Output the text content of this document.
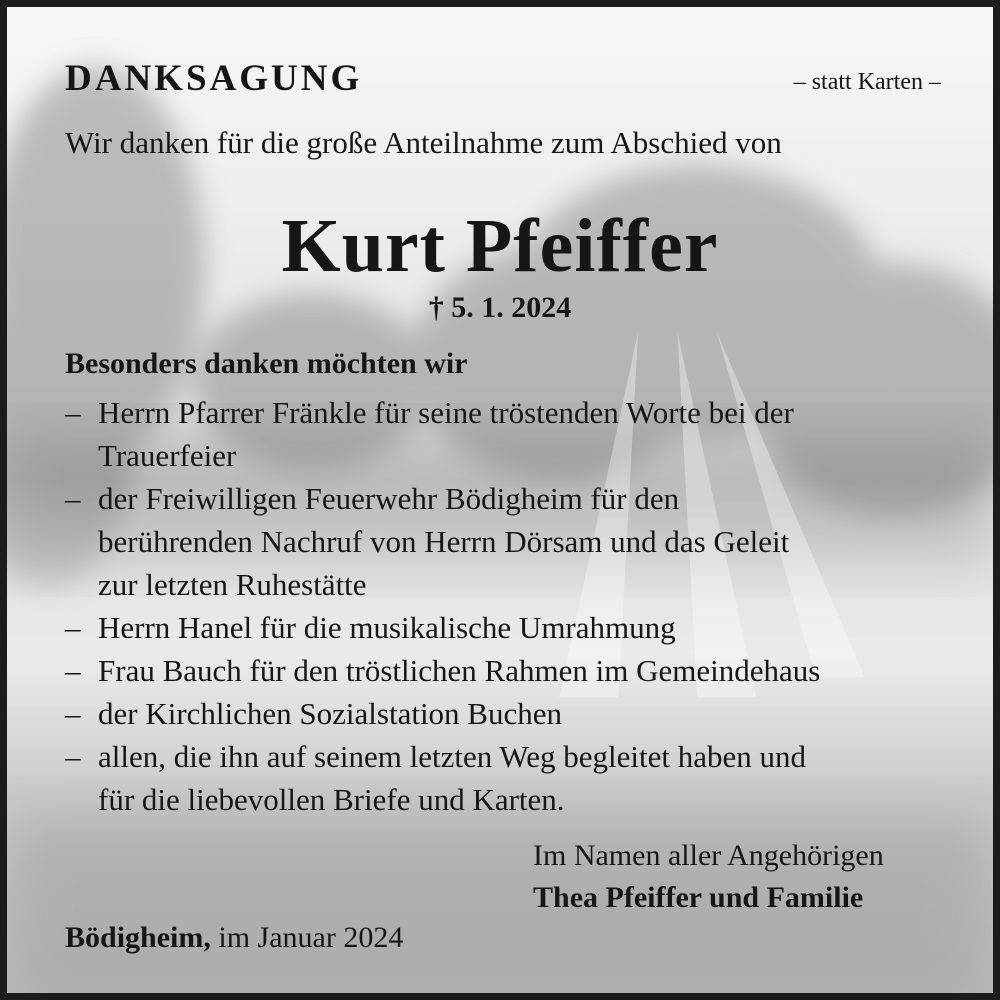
DANKSAGUNG	– statt Karten –
Wir danken für die große Anteilnahme zum Abschied von
Kurt Pfeiffer
† 5. 1. 2024
Besonders danken möchten wir
– Herrn Pfarrer Fränkle für seine tröstenden Worte bei der
Trauerfeier
– der Freiwilligen Feuerwehr Bödigheim für den
berührenden Nachruf von Herrn Dörsam und das Geleit
zur letzten Ruhestätte
– Herrn Hanel für die musikalische Umrahmung
– Frau Bauch für den tröstlichen Rahmen im Gemeindehaus
– der Kirchlichen Sozialstation Buchen
– allen, die ihn auf seinem letzten Weg begleitet haben und
für die liebevollen Briefe und Karten.
Im Namen aller Angehörigen
Thea Pfeiffer und Familie
Bödigheim, im Januar 2024
